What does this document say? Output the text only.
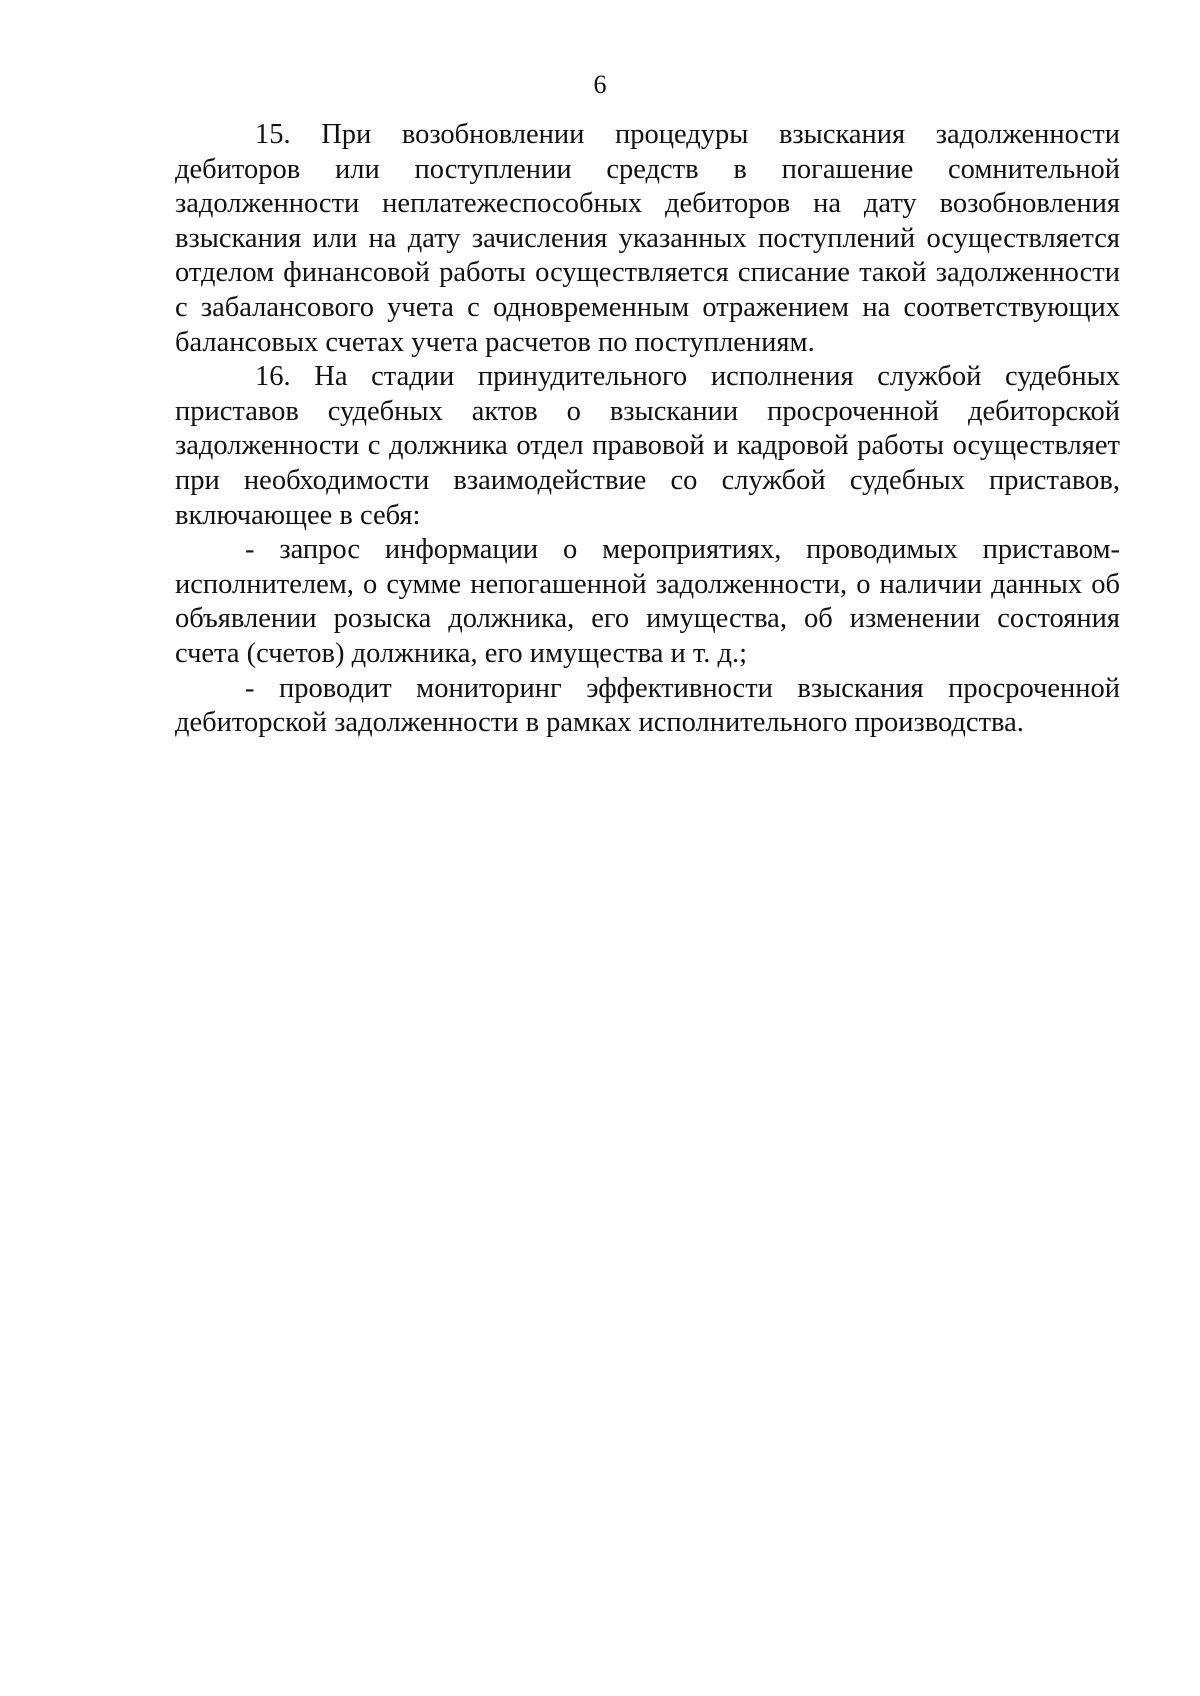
6

15. При возобновлении процедуры взыскания задолженности дебиторов или поступлении средств в погашение сомнительной задолженности неплатежеспособных дебиторов на дату возобновления взыскания или на дату зачисления указанных поступлений осуществляется отделом финансовой работы осуществляется списание такой задолженности с забалансового учета с одновременным отражением на соответствующих балансовых счетах учета расчетов по поступлениям.

16. На стадии принудительного исполнения службой судебных приставов судебных актов о взыскании просроченной дебиторской задолженности с должника отдел правовой и кадровой работы осуществляет при необходимости взаимодействие со службой судебных приставов, включающее в себя:

- запрос информации о мероприятиях, проводимых приставом-исполнителем, о сумме непогашенной задолженности, о наличии данных об объявлении розыска должника, его имущества, об изменении состояния счета (счетов) должника, его имущества и т. д.;

- проводит мониторинг эффективности взыскания просроченной дебиторской задолженности в рамках исполнительного производства.
